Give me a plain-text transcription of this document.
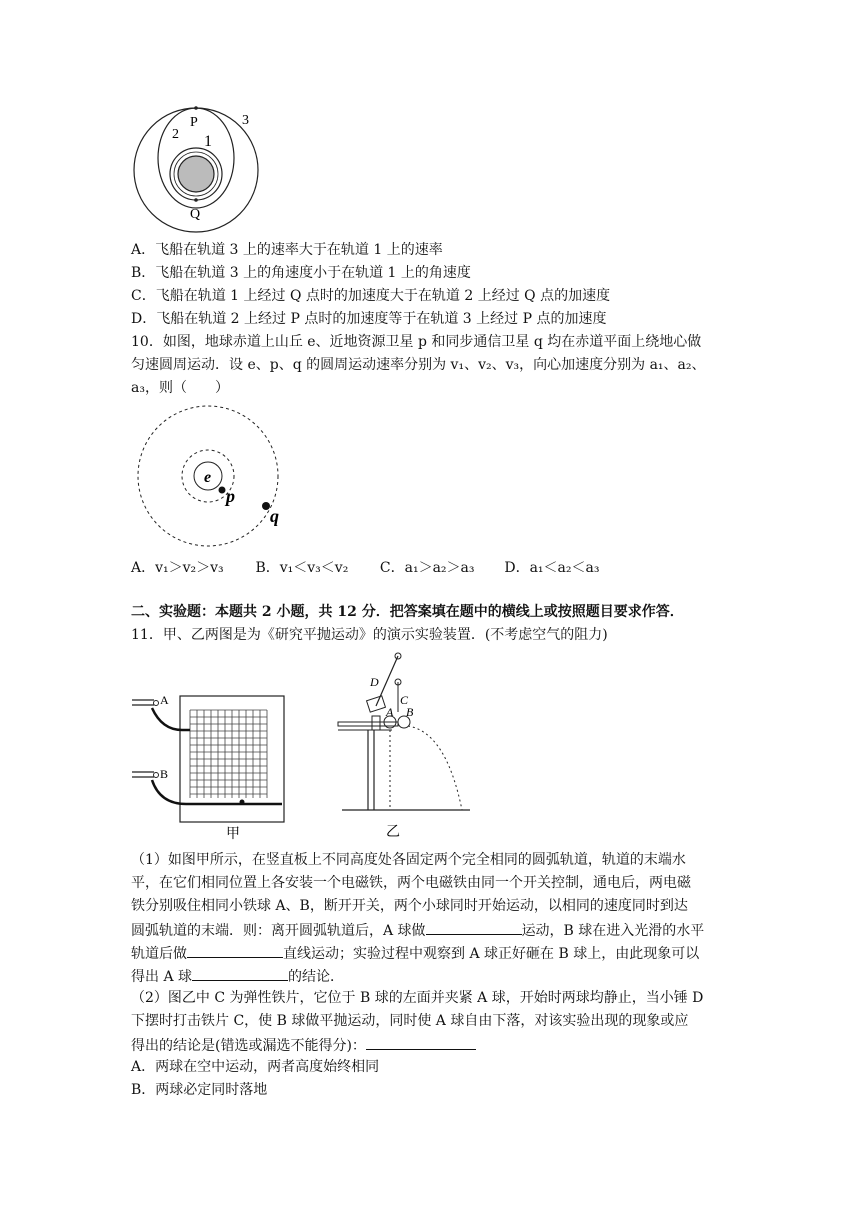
P
Q
1
2
3
A．飞船在轨道 3 上的速率大于在轨道 1 上的速率
B．飞船在轨道 3 上的角速度小于在轨道 1 上的角速度
C．飞船在轨道 1 上经过 Q 点时的加速度大于在轨道 2 上经过 Q 点的加速度
D．飞船在轨道 2 上经过 P 点时的加速度等于在轨道 3 上经过 P 点的加速度
10．如图，地球赤道上山丘 e、近地资源卫星 p 和同步通信卫星 q 均在赤道平面上绕地心做
匀速圆周运动．设 e、p、q 的圆周运动速率分别为 v₁、v₂、v₃，向心加速度分别为 a₁、a₂、
a₃，则（　　）
e
p
q
A．v₁＞v₂＞v₃ B．v₁＜v₃＜v₂ C．a₁＞a₂＞a₃ D．a₁＜a₂＜a₃
二、实验题：本题共 2 小题，共 12 分．把答案填在题中的横线上或按照题目要求作答．
11．甲、乙两图是为《研究平抛运动》的演示实验装置．(不考虑空气的阻力)
A
B
甲
D
C
A B
乙
（1）如图甲所示，在竖直板上不同高度处各固定两个完全相同的圆弧轨道，轨道的末端水
平，在它们相同位置上各安装一个电磁铁，两个电磁铁由同一个开关控制，通电后，两电磁
铁分别吸住相同小铁球 A、B，断开开关，两个小球同时开始运动，以相同的速度同时到达
圆弧轨道的末端．则：离开圆弧轨道后，A 球做	运动，B 球在进入光滑的水平
轨道后做	直线运动；实验过程中观察到 A 球正好砸在 B 球上，由此现象可以
得出 A 球	的结论．
（2）图乙中 C 为弹性铁片，它位于 B 球的左面并夹紧 A 球，开始时两球均静止，当小锤 D
下摆时打击铁片 C，使 B 球做平抛运动，同时使 A 球自由下落，对该实验出现的现象或应
得出的结论是(错选或漏选不能得分)：
A．两球在空中运动，两者高度始终相同
B．两球必定同时落地
